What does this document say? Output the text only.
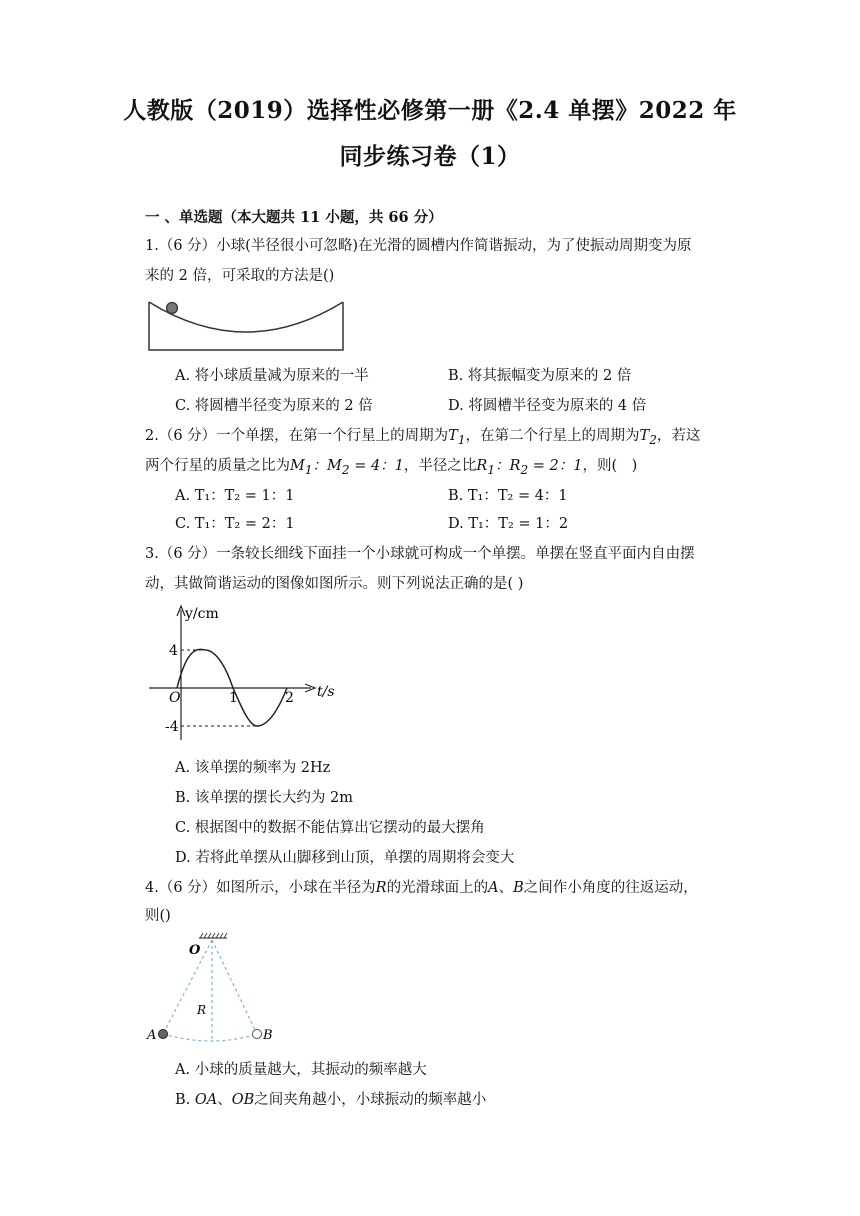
人教版（2019）选择性必修第一册《2.4 单摆》2022 年
同步练习卷（1）
一 、单选题（本大题共 11 小题，共 66 分）
1.（6 分）小球(半径很小可忽略)在光滑的圆槽内作简谐振动，为了使振动周期变为原
来的 2 倍，可采取的方法是()
A. 将小球质量减为原来的一半	B. 将其振幅变为原来的 2 倍
C. 将圆槽半径变为原来的 2 倍	D. 将圆槽半径变为原来的 4 倍
2.（6 分）一个单摆，在第一个行星上的周期为$T_1$，在第二个行星上的周期为$T_2$，若这
两个行星的质量之比为$M_1$：$M_2 = 4$：1，半径之比$R_1$：$R_2 = 2$：1，则(　)
A. T₁：T₂ = 1：1	B. T₁：T₂ = 4：1
C. T₁：T₂ = 2：1	D. T₁：T₂ = 1：2
3.（6 分）一条较长细线下面挂一个小球就可构成一个单摆。单摆在竖直平面内自由摆
动，其做简谐运动的图像如图所示。则下列说法正确的是( )
y/cm
t/s
O
4
-4
1	2
A. 该单摆的频率为 2Hz
B. 该单摆的摆长大约为 2m
C. 根据图中的数据不能估算出它摆动的最大摆角
D. 若将此单摆从山脚移到山顶，单摆的周期将会变大
4.（6 分）如图所示，小球在半径为R的光滑球面上的A、B之间作小角度的往返运动，
则()
O
R
A	B
A. 小球的质量越大，其振动的频率越大
B. OA、OB之间夹角越小，小球振动的频率越小
